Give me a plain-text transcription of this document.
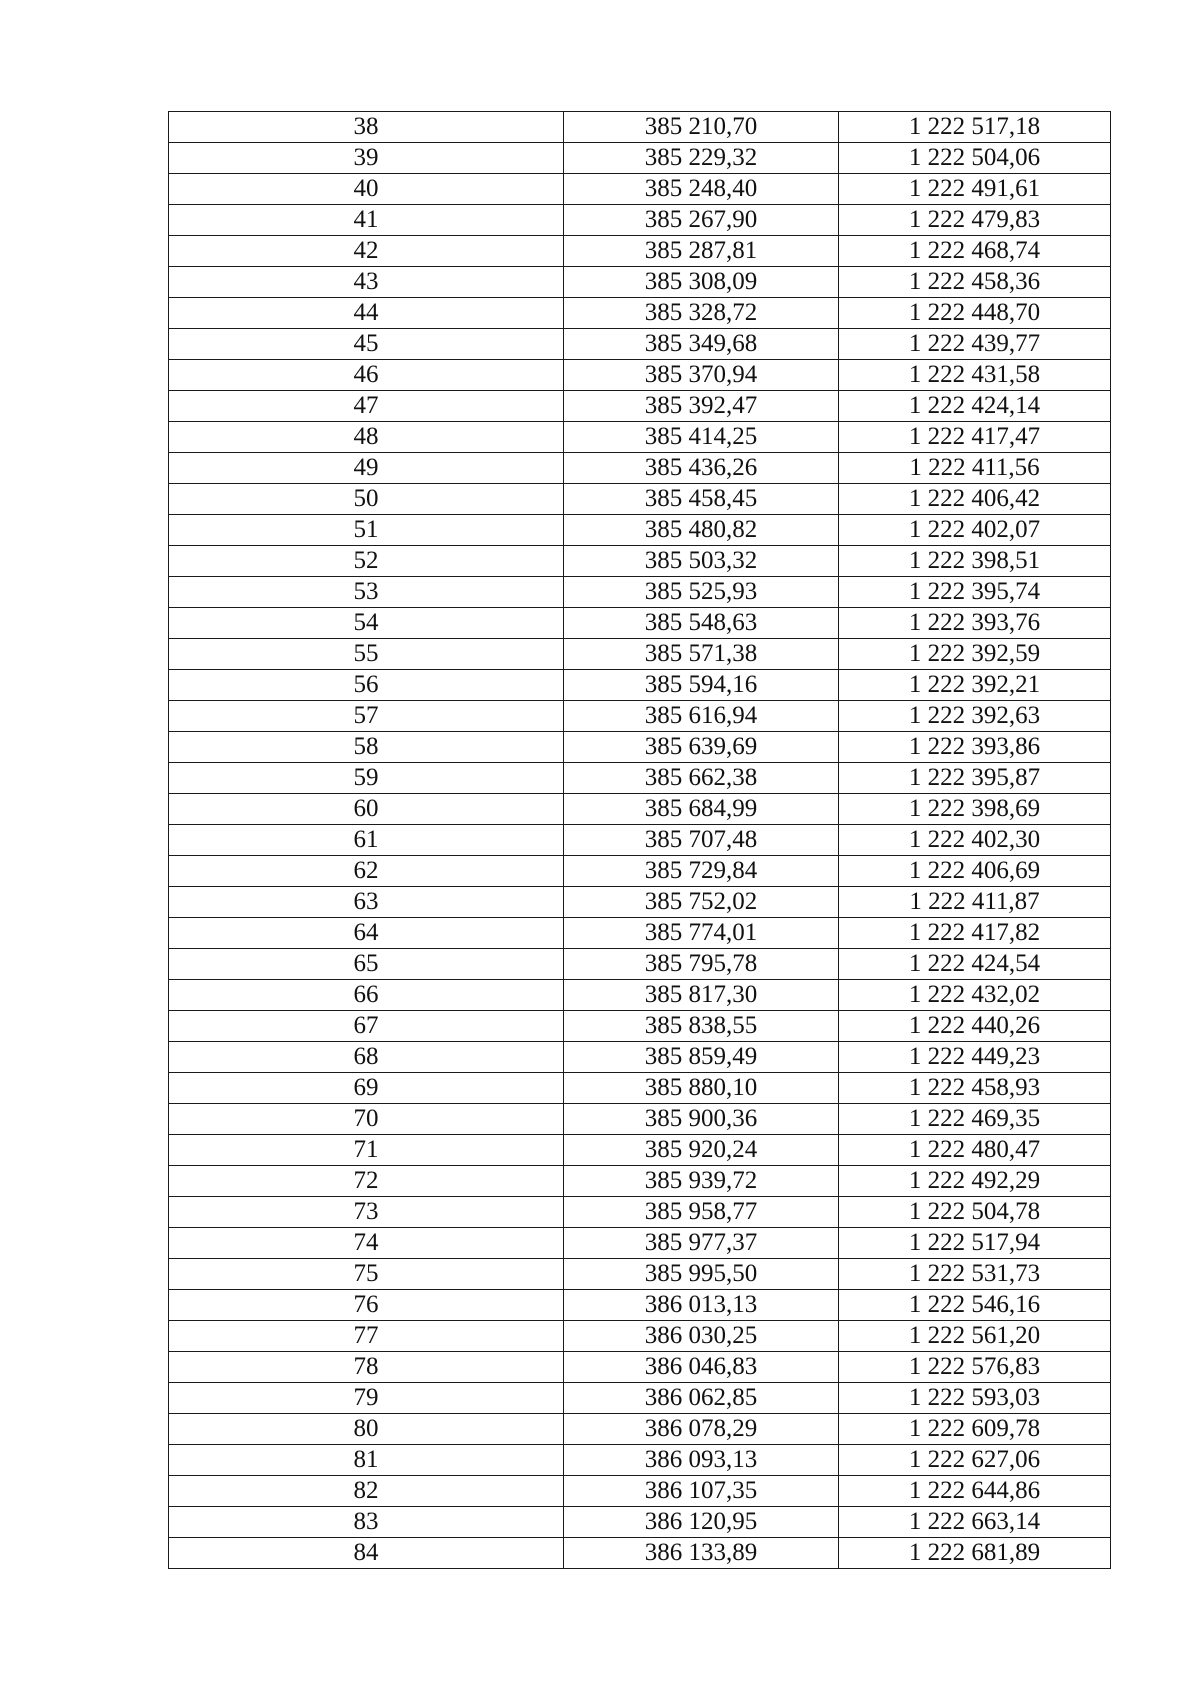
38	385 210,70	1 222 517,18
39	385 229,32	1 222 504,06
40	385 248,40	1 222 491,61
41	385 267,90	1 222 479,83
42	385 287,81	1 222 468,74
43	385 308,09	1 222 458,36
44	385 328,72	1 222 448,70
45	385 349,68	1 222 439,77
46	385 370,94	1 222 431,58
47	385 392,47	1 222 424,14
48	385 414,25	1 222 417,47
49	385 436,26	1 222 411,56
50	385 458,45	1 222 406,42
51	385 480,82	1 222 402,07
52	385 503,32	1 222 398,51
53	385 525,93	1 222 395,74
54	385 548,63	1 222 393,76
55	385 571,38	1 222 392,59
56	385 594,16	1 222 392,21
57	385 616,94	1 222 392,63
58	385 639,69	1 222 393,86
59	385 662,38	1 222 395,87
60	385 684,99	1 222 398,69
61	385 707,48	1 222 402,30
62	385 729,84	1 222 406,69
63	385 752,02	1 222 411,87
64	385 774,01	1 222 417,82
65	385 795,78	1 222 424,54
66	385 817,30	1 222 432,02
67	385 838,55	1 222 440,26
68	385 859,49	1 222 449,23
69	385 880,10	1 222 458,93
70	385 900,36	1 222 469,35
71	385 920,24	1 222 480,47
72	385 939,72	1 222 492,29
73	385 958,77	1 222 504,78
74	385 977,37	1 222 517,94
75	385 995,50	1 222 531,73
76	386 013,13	1 222 546,16
77	386 030,25	1 222 561,20
78	386 046,83	1 222 576,83
79	386 062,85	1 222 593,03
80	386 078,29	1 222 609,78
81	386 093,13	1 222 627,06
82	386 107,35	1 222 644,86
83	386 120,95	1 222 663,14
84	386 133,89	1 222 681,89
